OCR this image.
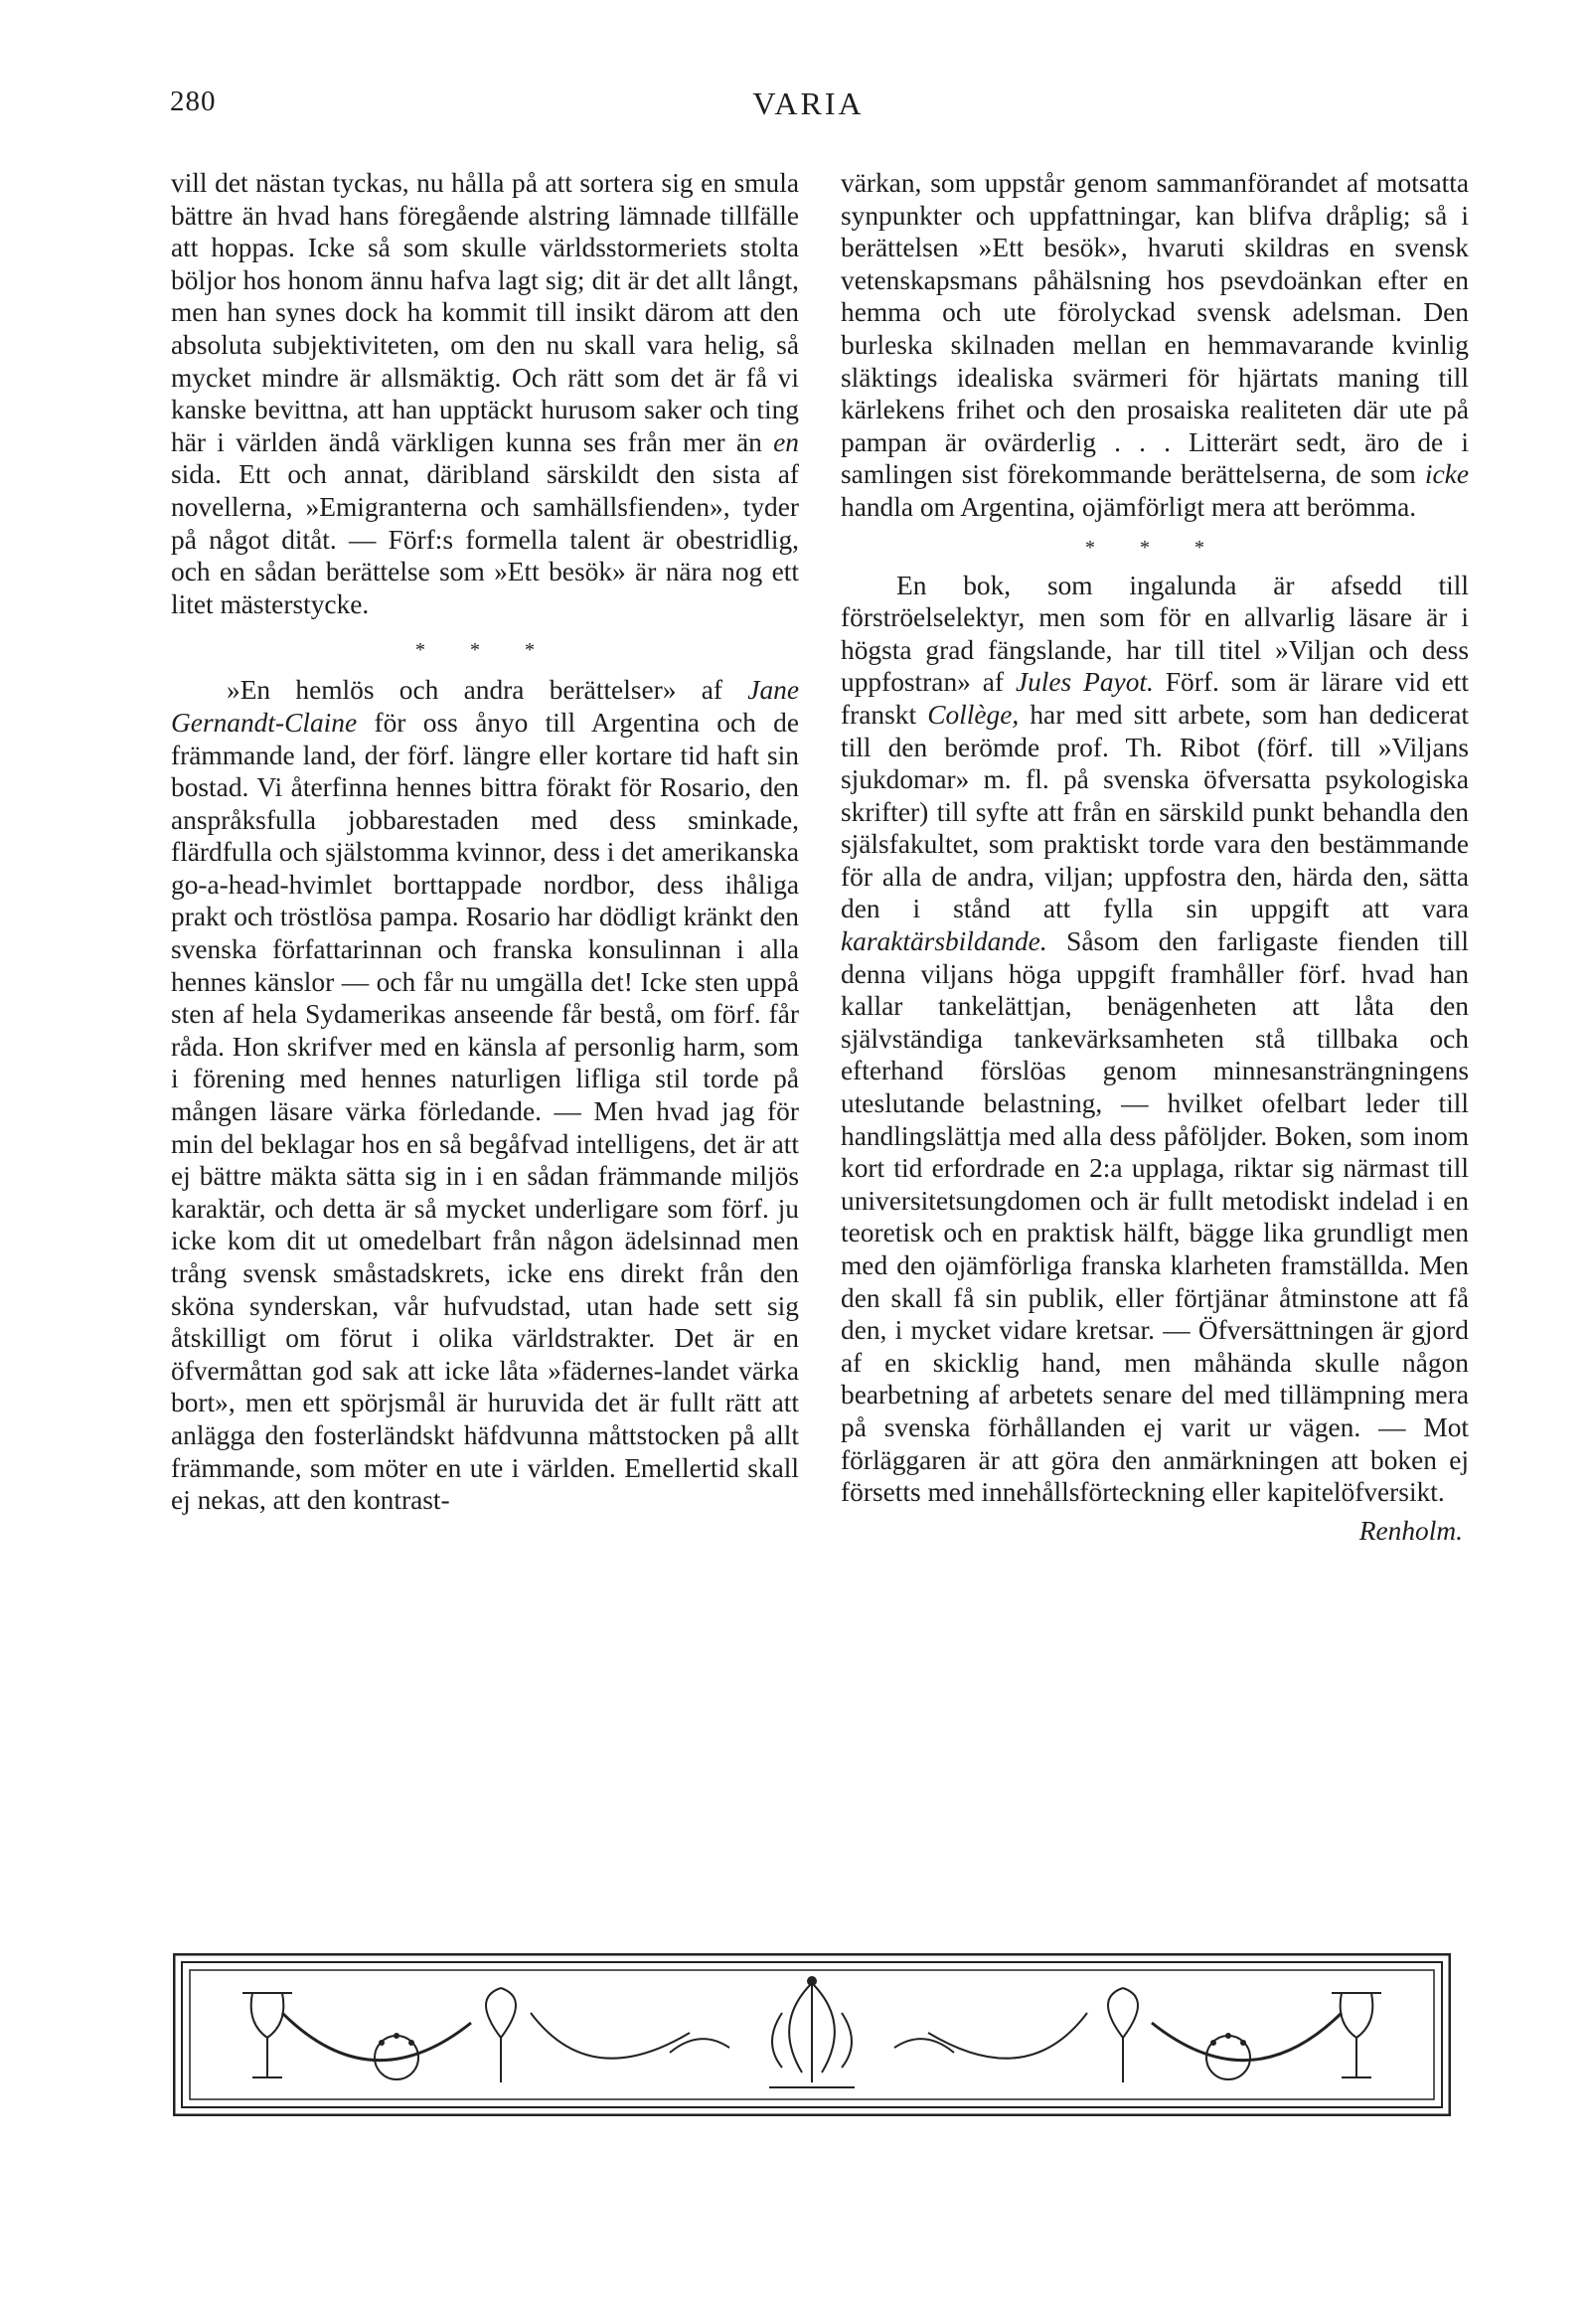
280	VARIA

vill det nästan tyckas, nu hålla på att sortera sig en smula bättre än hvad hans föregående alstring lämnade tillfälle att hoppas. Icke så som skulle världsstormeriets stolta böljor hos honom ännu hafva lagt sig; dit är det allt långt, men han synes dock ha kommit till insikt därom att den absoluta subjektiviteten, om den nu skall vara helig, så mycket mindre är allsmäktig. Och rätt som det är få vi kanske bevittna, att han upptäckt hurusom saker och ting här i världen ändå värkligen kunna ses från mer än en sida. Ett och annat, däribland särskildt den sista af novellerna, »Emigranterna och samhällsfienden», tyder på något ditåt. — Förf:s formella talent är obestridlig, och en sådan berättelse som »Ett besök» är nära nog ett litet mästerstycke.

* * *

»En hemlös och andra berättelser» af Jane Gernandt-Claine för oss ånyo till Argentina och de främmande land, der förf. längre eller kortare tid haft sin bostad. Vi återfinna hennes bittra förakt för Rosario, den anspråksfulla jobbarestaden med dess sminkade, flärdfulla och själstomma kvinnor, dess i det amerikanska go-a-head-hvimlet borttappade nordbor, dess ihåliga prakt och tröstlösa pampa. Rosario har dödligt kränkt den svenska författarinnan och franska konsulinnan i alla hennes känslor — och får nu umgälla det! Icke sten uppå sten af hela Sydamerikas anseende får bestå, om förf. får råda. Hon skrifver med en känsla af personlig harm, som i förening med hennes naturligen lifliga stil torde på mången läsare värka förledande. — Men hvad jag för min del beklagar hos en så begåfvad intelligens, det är att ej bättre mäkta sätta sig in i en sådan främmande miljös karaktär, och detta är så mycket underligare som förf. ju icke kom dit ut omedelbart från någon ädelsinnad men trång svensk småstadskrets, icke ens direkt från den sköna synderskan, vår hufvudstad, utan hade sett sig åtskilligt om förut i olika världstrakter. Det är en öfvermåttan god sak att icke låta »fädernes-landet värka bort», men ett spörjsmål är huruvida det är fullt rätt att anlägga den fosterländskt häfdvunna måttstocken på allt främmande, som möter en ute i världen. Emellertid skall ej nekas, att den kontrast-

värkan, som uppstår genom sammanförandet af motsatta synpunkter och uppfattningar, kan blifva dråplig; så i berättelsen »Ett besök», hvaruti skildras en svensk vetenskapsmans påhälsning hos psevdoänkan efter en hemma och ute förolyckad svensk adelsman. Den burleska skilnaden mellan en hemmavarande kvinlig släktings idealiska svärmeri för hjärtats maning till kärlekens frihet och den prosaiska realiteten där ute på pampan är ovärderlig . . . Litterärt sedt, äro de i samlingen sist förekommande berättelserna, de som icke handla om Argentina, ojämförligt mera att berömma.

* * *

En bok, som ingalunda är afsedd till förströelselektyr, men som för en allvarlig läsare är i högsta grad fängslande, har till titel »Viljan och dess uppfostran» af Jules Payot. Förf. som är lärare vid ett franskt Collège, har med sitt arbete, som han dedicerat till den berömde prof. Th. Ribot (förf. till »Viljans sjukdomar» m. fl. på svenska öfversatta psykologiska skrifter) till syfte att från en särskild punkt behandla den själsfakultet, som praktiskt torde vara den bestämmande för alla de andra, viljan; uppfostra den, härda den, sätta den i stånd att fylla sin uppgift att vara karaktärsbildande. Såsom den farligaste fienden till denna viljans höga uppgift framhåller förf. hvad han kallar tankelättjan, benägenheten att låta den självständiga tankevärksamheten stå tillbaka och efterhand förslöas genom minnesansträngningens uteslutande belastning, — hvilket ofelbart leder till handlingslättja med alla dess påföljder. Boken, som inom kort tid erfordrade en 2:a upplaga, riktar sig närmast till universitetsungdomen och är fullt metodiskt indelad i en teoretisk och en praktisk hälft, bägge lika grundligt men med den ojämförliga franska klarheten framställda. Men den skall få sin publik, eller förtjänar åtminstone att få den, i mycket vidare kretsar. — Öfversättningen är gjord af en skicklig hand, men måhända skulle någon bearbetning af arbetets senare del med tillämpning mera på svenska förhållanden ej varit ur vägen. — Mot förläggaren är att göra den anmärkningen att boken ej försetts med innehållsförteckning eller kapitelöfversikt.

Renholm.
